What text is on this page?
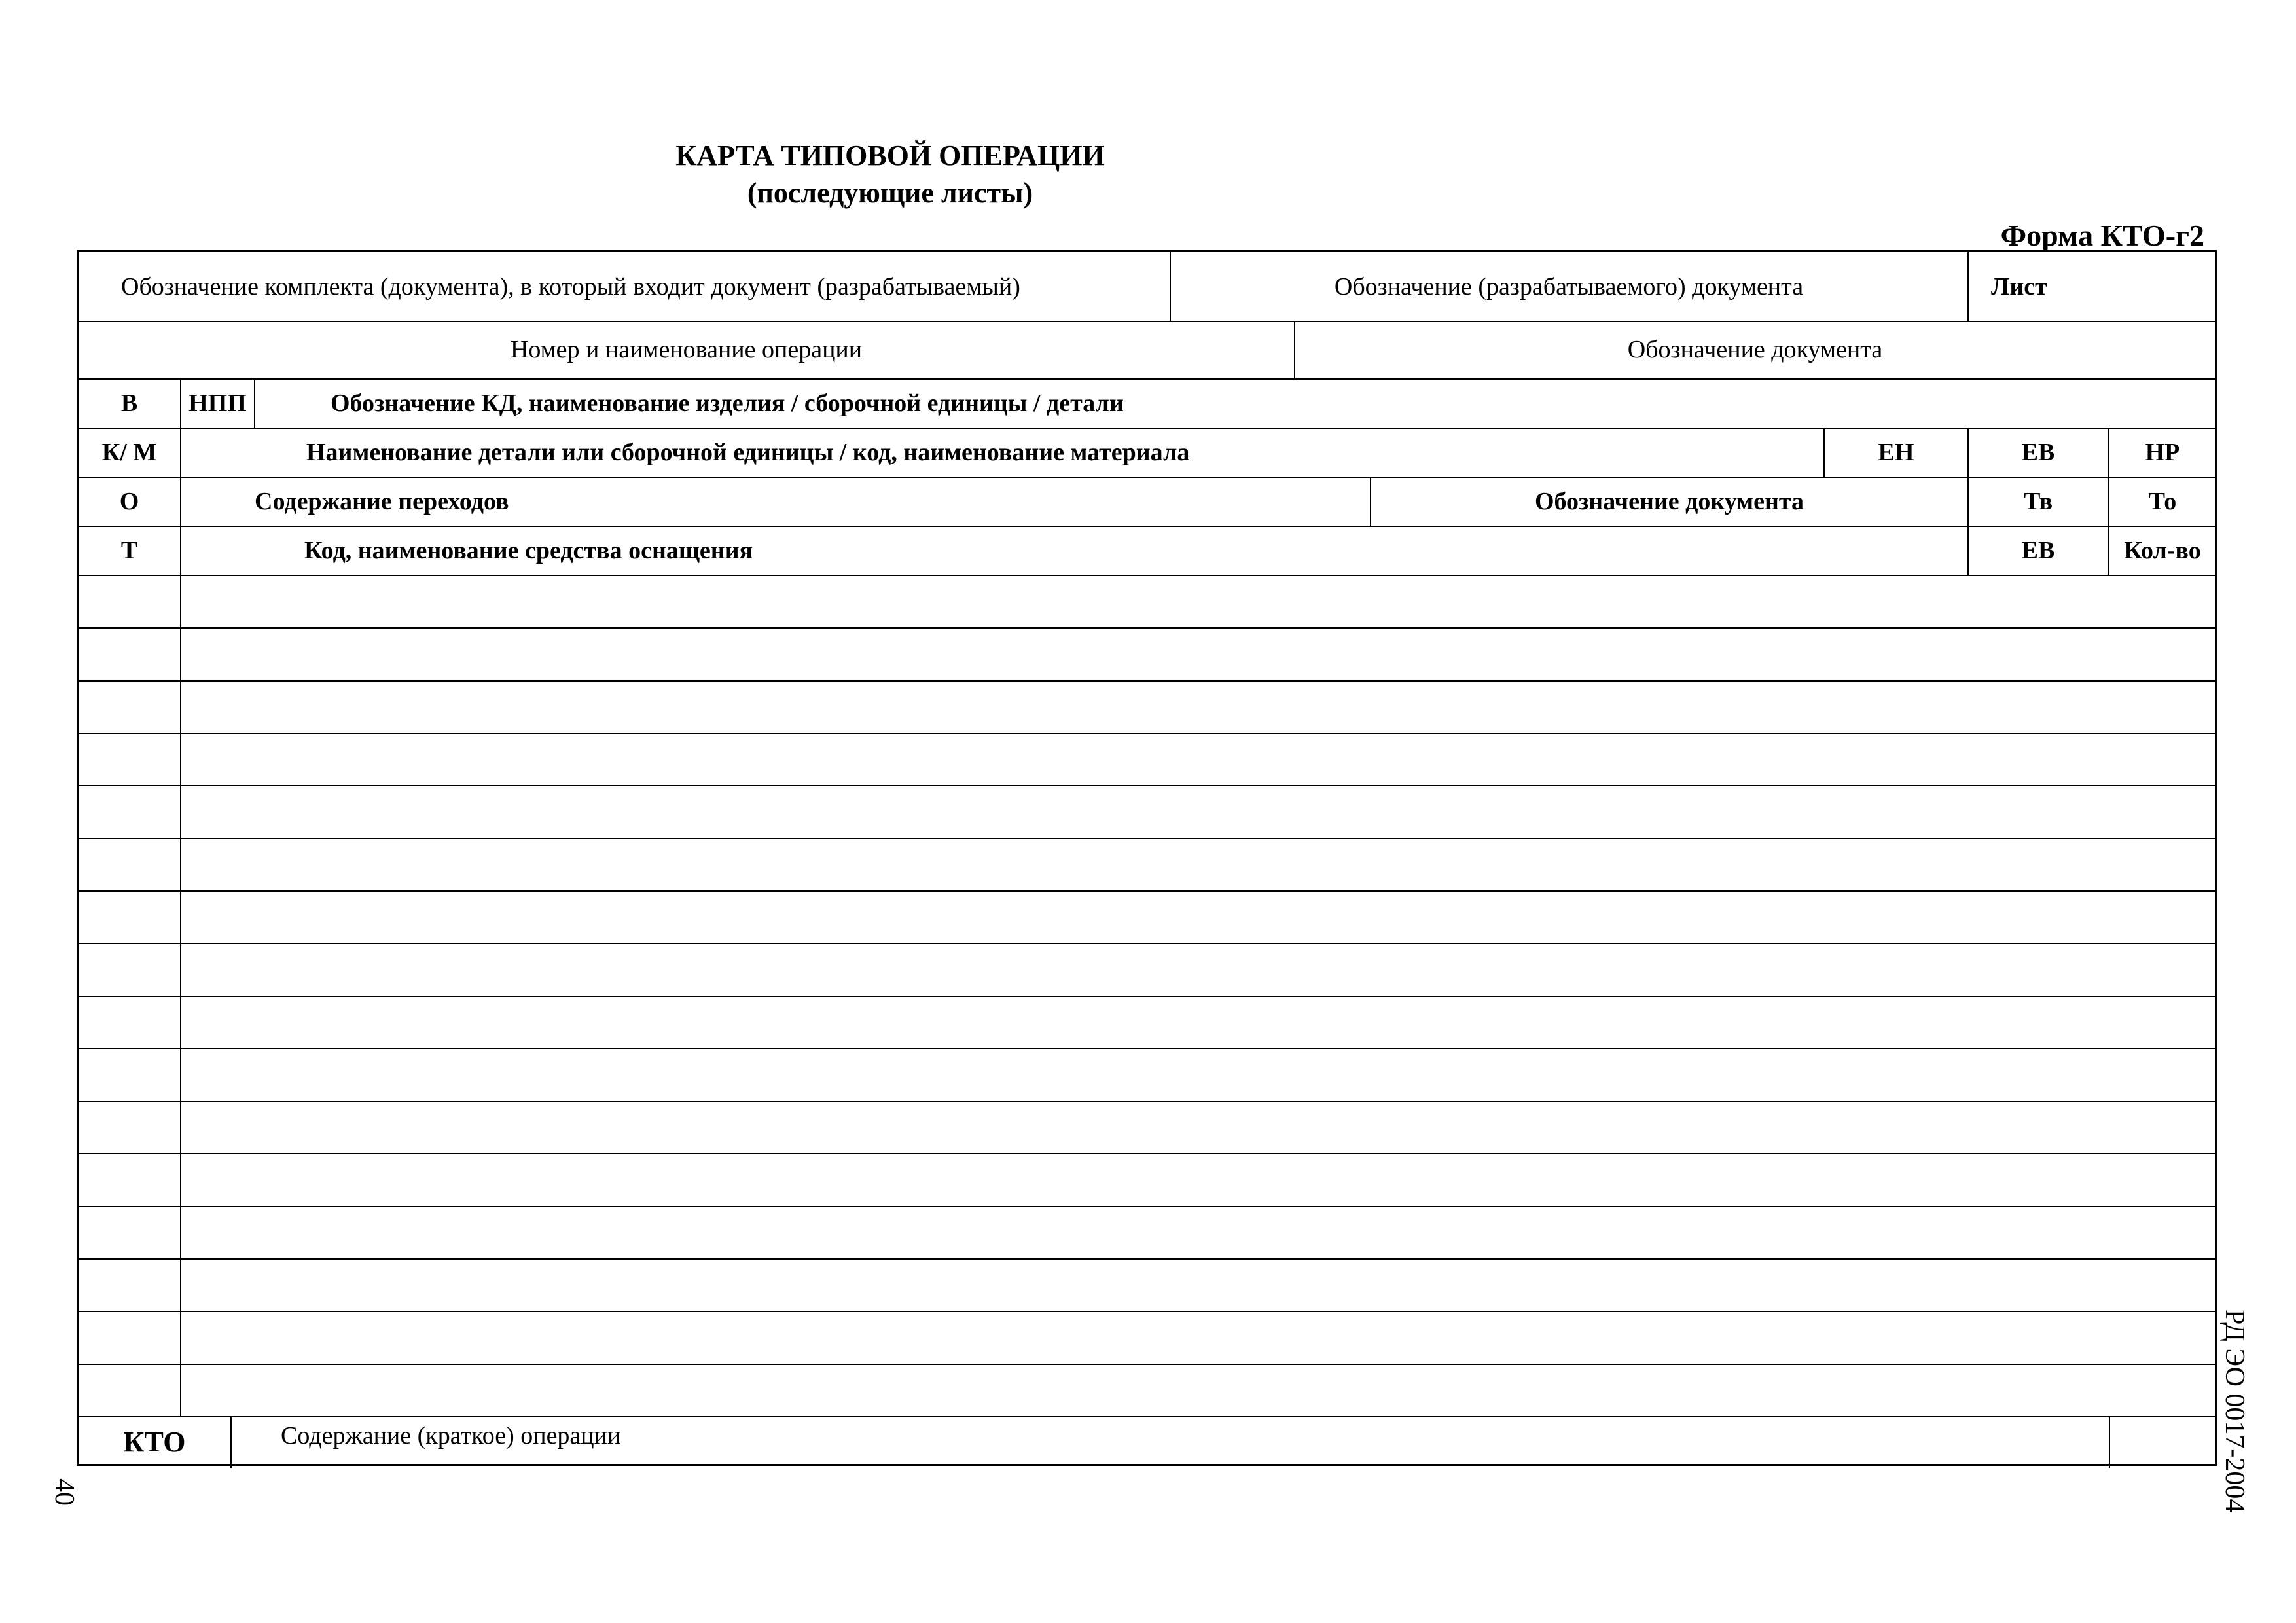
КАРТА ТИПОВОЙ ОПЕРАЦИИ
(последующие листы)
Форма КТО-г2
Обозначение комплекта (документа), в который входит документ (разрабатываемый)	Обозначение (разрабатываемого) документа	Лист
Номер и наименование операции	Обозначение документа
В	НПП	Обозначение КД, наименование изделия / сборочной единицы / детали
К/ М	Наименование детали или сборочной единицы / код, наименование материала	ЕН	ЕВ	НР
О	Содержание переходов	Обозначение документа	Тв	То
Т	Код, наименование средства оснащения	ЕВ	Кол-во
КТО	Содержание (краткое) операции	РД ЭО 0017-2004
40
